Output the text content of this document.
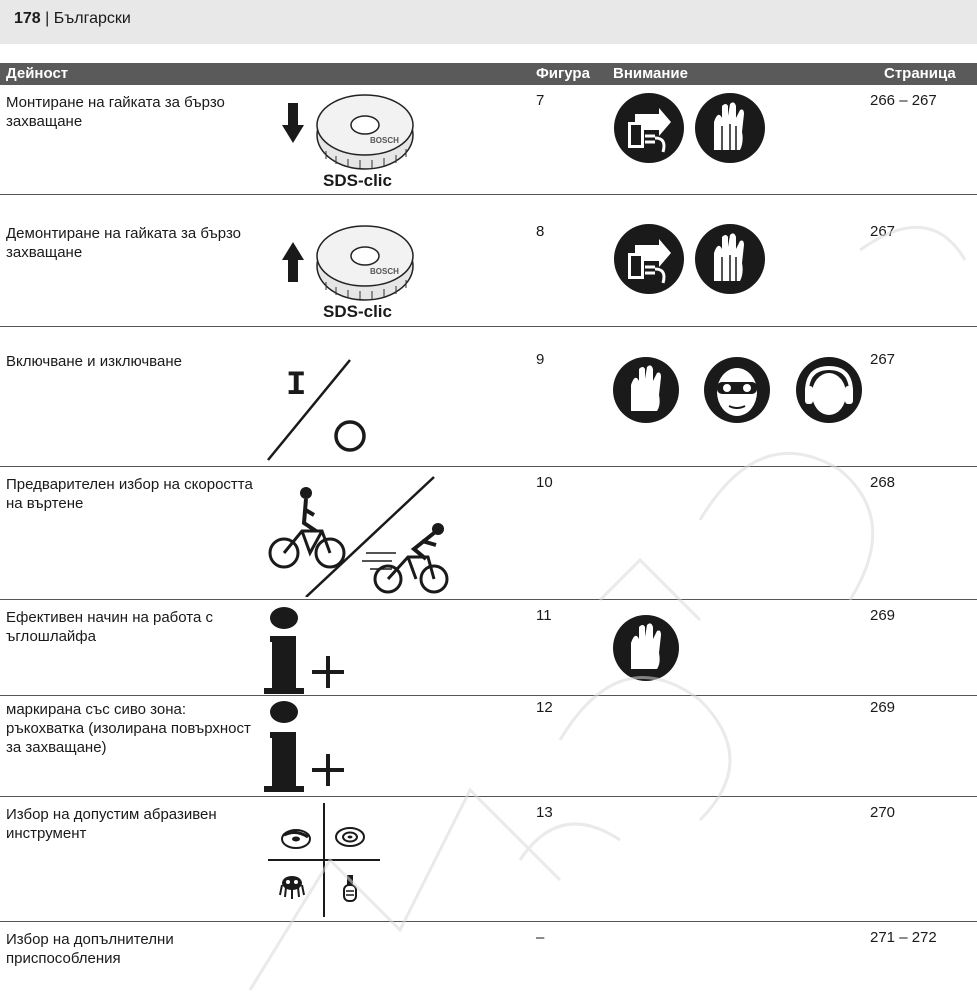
178 | Български
Дейност	Фигура Внимание	Страница
Монтиране на гайката за бързо захващане
BOSCH
SDS-clic
7	266 – 267
Демонтиране на гайката за бързо захващане
BOSCH
SDS-clic
8	267
Включване и изключване
I
9	267
Предварителен избор на скоростта на въртене
10	268
Ефективен начин на работа с ъглошлайфа
11	269
маркирана със сиво зона: ръкохватка (изолирана повърхност за захващане)
12	269
Избор на допустим абразивен инструмент
13	270
Избор на допълнителни приспособления
–	271 – 272
